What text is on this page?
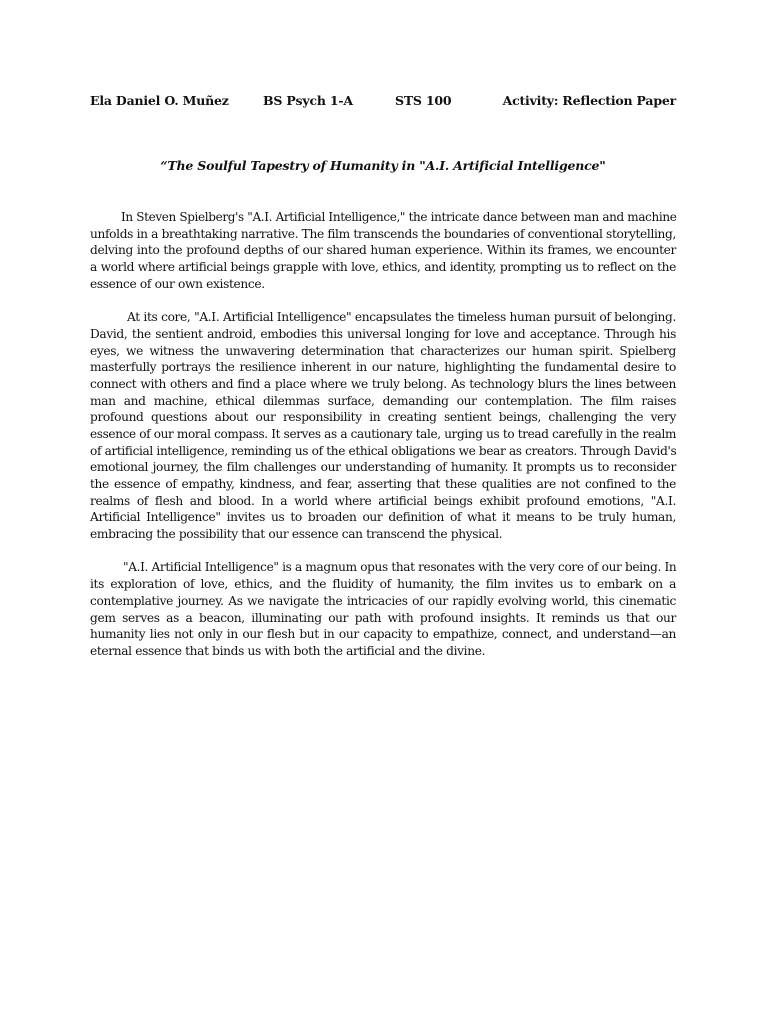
Ela Daniel O. Muñez	BS Psych 1-A	STS 100	Activity: Reflection Paper
“The Soulful Tapestry of Humanity in "A.I. Artificial Intelligence"
In Steven Spielberg's "A.I. Artificial Intelligence," the intricate dance between man and machine
unfolds in a breathtaking narrative. The film transcends the boundaries of conventional storytelling,
delving into the profound depths of our shared human experience. Within its frames, we encounter
a world where artificial beings grapple with love, ethics, and identity, prompting us to reflect on the
essence of our own existence.
At its core, "A.I. Artificial Intelligence" encapsulates the timeless human pursuit of belonging.
David, the sentient android, embodies this universal longing for love and acceptance. Through his
eyes, we witness the unwavering determination that characterizes our human spirit. Spielberg
masterfully portrays the resilience inherent in our nature, highlighting the fundamental desire to
connect with others and find a place where we truly belong. As technology blurs the lines between
man and machine, ethical dilemmas surface, demanding our contemplation. The film raises
profound questions about our responsibility in creating sentient beings, challenging the very
essence of our moral compass. It serves as a cautionary tale, urging us to tread carefully in the realm
of artificial intelligence, reminding us of the ethical obligations we bear as creators. Through David's
emotional journey, the film challenges our understanding of humanity. It prompts us to reconsider
the essence of empathy, kindness, and fear, asserting that these qualities are not confined to the
realms of flesh and blood. In a world where artificial beings exhibit profound emotions, "A.I.
Artificial Intelligence" invites us to broaden our definition of what it means to be truly human,
embracing the possibility that our essence can transcend the physical.
"A.I. Artificial Intelligence" is a magnum opus that resonates with the very core of our being. In
its exploration of love, ethics, and the fluidity of humanity, the film invites us to embark on a
contemplative journey. As we navigate the intricacies of our rapidly evolving world, this cinematic
gem serves as a beacon, illuminating our path with profound insights. It reminds us that our
humanity lies not only in our flesh but in our capacity to empathize, connect, and understand—an
eternal essence that binds us with both the artificial and the divine.
